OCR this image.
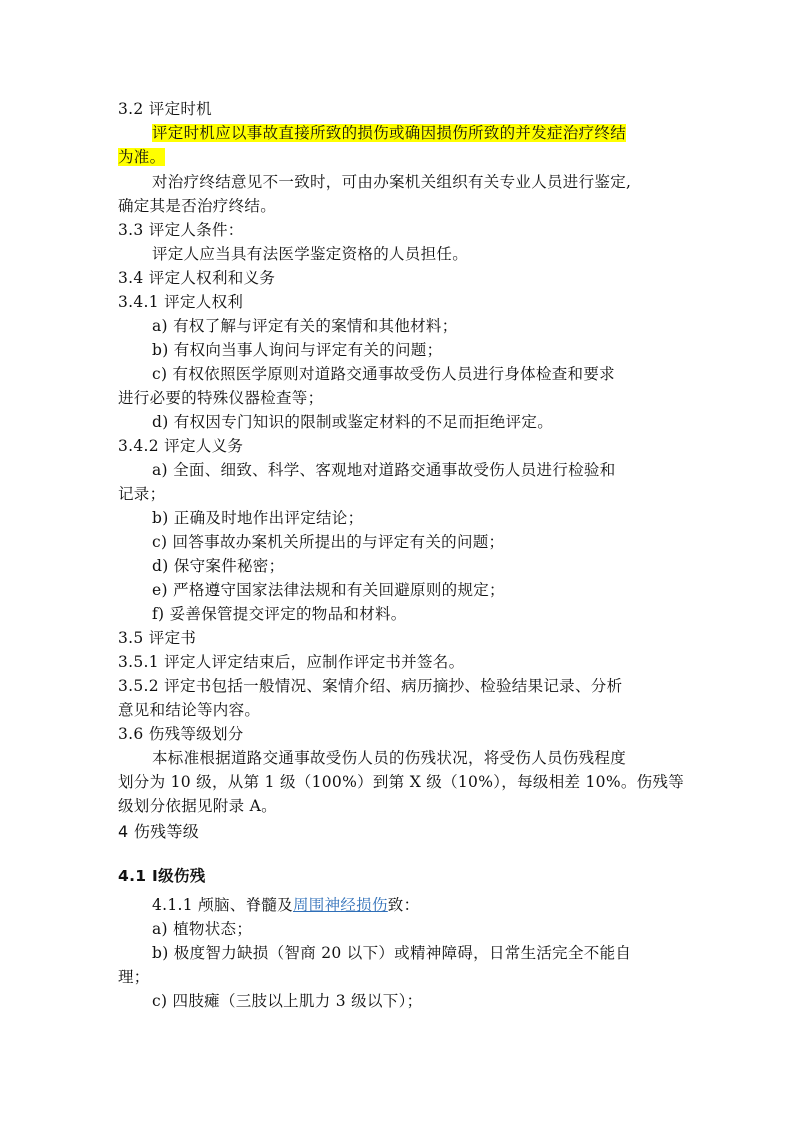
3.2 评定时机
评定时机应以事故直接所致的损伤或确因损伤所致的并发症治疗终结
为准。
对治疗终结意见不一致时，可由办案机关组织有关专业人员进行鉴定,
确定其是否治疗终结。
3.3 评定人条件：
评定人应当具有法医学鉴定资格的人员担任。
3.4 评定人权利和义务
3.4.1 评定人权利
a) 有权了解与评定有关的案情和其他材料；
b) 有权向当事人询问与评定有关的问题；
c) 有权依照医学原则对道路交通事故受伤人员进行身体检查和要求
进行必要的特殊仪器检查等；
d) 有权因专门知识的限制或鉴定材料的不足而拒绝评定。
3.4.2 评定人义务
a) 全面、细致、科学、客观地对道路交通事故受伤人员进行检验和
记录；
b) 正确及时地作出评定结论；
c) 回答事故办案机关所提出的与评定有关的问题；
d) 保守案件秘密；
e) 严格遵守国家法律法规和有关回避原则的规定；
f) 妥善保管提交评定的物品和材料。
3.5 评定书
3.5.1 评定人评定结束后，应制作评定书并签名。
3.5.2 评定书包括一般情况、案情介绍、病历摘抄、检验结果记录、分析
意见和结论等内容。
3.6 伤残等级划分
本标准根据道路交通事故受伤人员的伤残状况，将受伤人员伤残程度
划分为 10 级，从第 1 级（100%）到第 X 级（10%），每级相差 10%。伤残等
级划分依据见附录 A。
4 伤残等级
4.1 Ⅰ级伤残
4.1.1 颅脑、脊髓及周围神经损伤致：
a) 植物状态；
b) 极度智力缺损（智商 20 以下）或精神障碍，日常生活完全不能自
理；
c) 四肢瘫（三肢以上肌力 3 级以下）；
